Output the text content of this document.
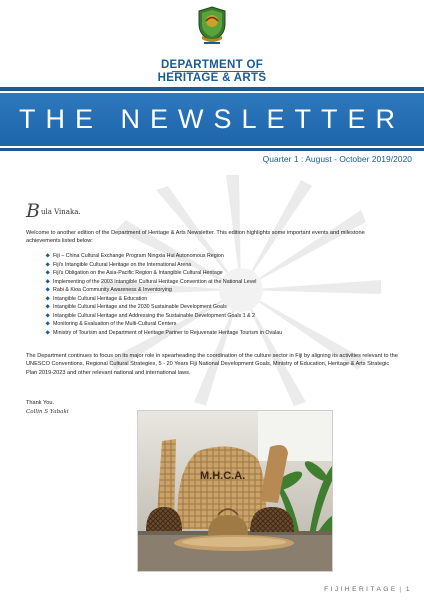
DEPARTMENT OF
HERITAGE & ARTS
THE NEWSLETTER
Quarter 1 : August - October 2019/2020
Bula Vinaka.
Welcome to another edition of the Department of Heritage & Arts Newsletter. This edition highlights some important events and milestone achievements listed below:
Fiji – China Cultural Exchange Program Ningxia Hui Autonomous Region
Fiji's Intangible Cultural Heritage on the International Arena
Fiji's Obligation on the Asia-Pacific Region & Intangible Cultural Heritage
Implementing of the 2003 Intangible Cultural Heritage Convention at the National Level
Rabi & Kioa Community Awareness & Inventorying
Intangible Cultural Heritage & Education
Intangible Cultural Heritage and the 2030 Sustainable Development Goals
Intangible Cultural Heritage and Addressing the Sustainable Development Goals 1 & 2
Monitoring & Evaluation of the Multi-Cultural Centers
Ministry of Tourism and Department of Heritage Partner to Rejuvenate Heritage Tourism in Ovalau
The Department continues to focus on its major role in spearheading the coordination of the culture sector in Fiji by aligning its activities relevant to the UNESCO Conventions, Regional Cultural Strategies, 5 - 20 Years Fiji National Development Goals, Ministry of Education, Heritage & Arts Strategic Plan 2019-2023 and other relevant national and international laws.
Thank You.
Collin S Yabaki
M.H.C.A.
FIJIHERITAGE | 1
